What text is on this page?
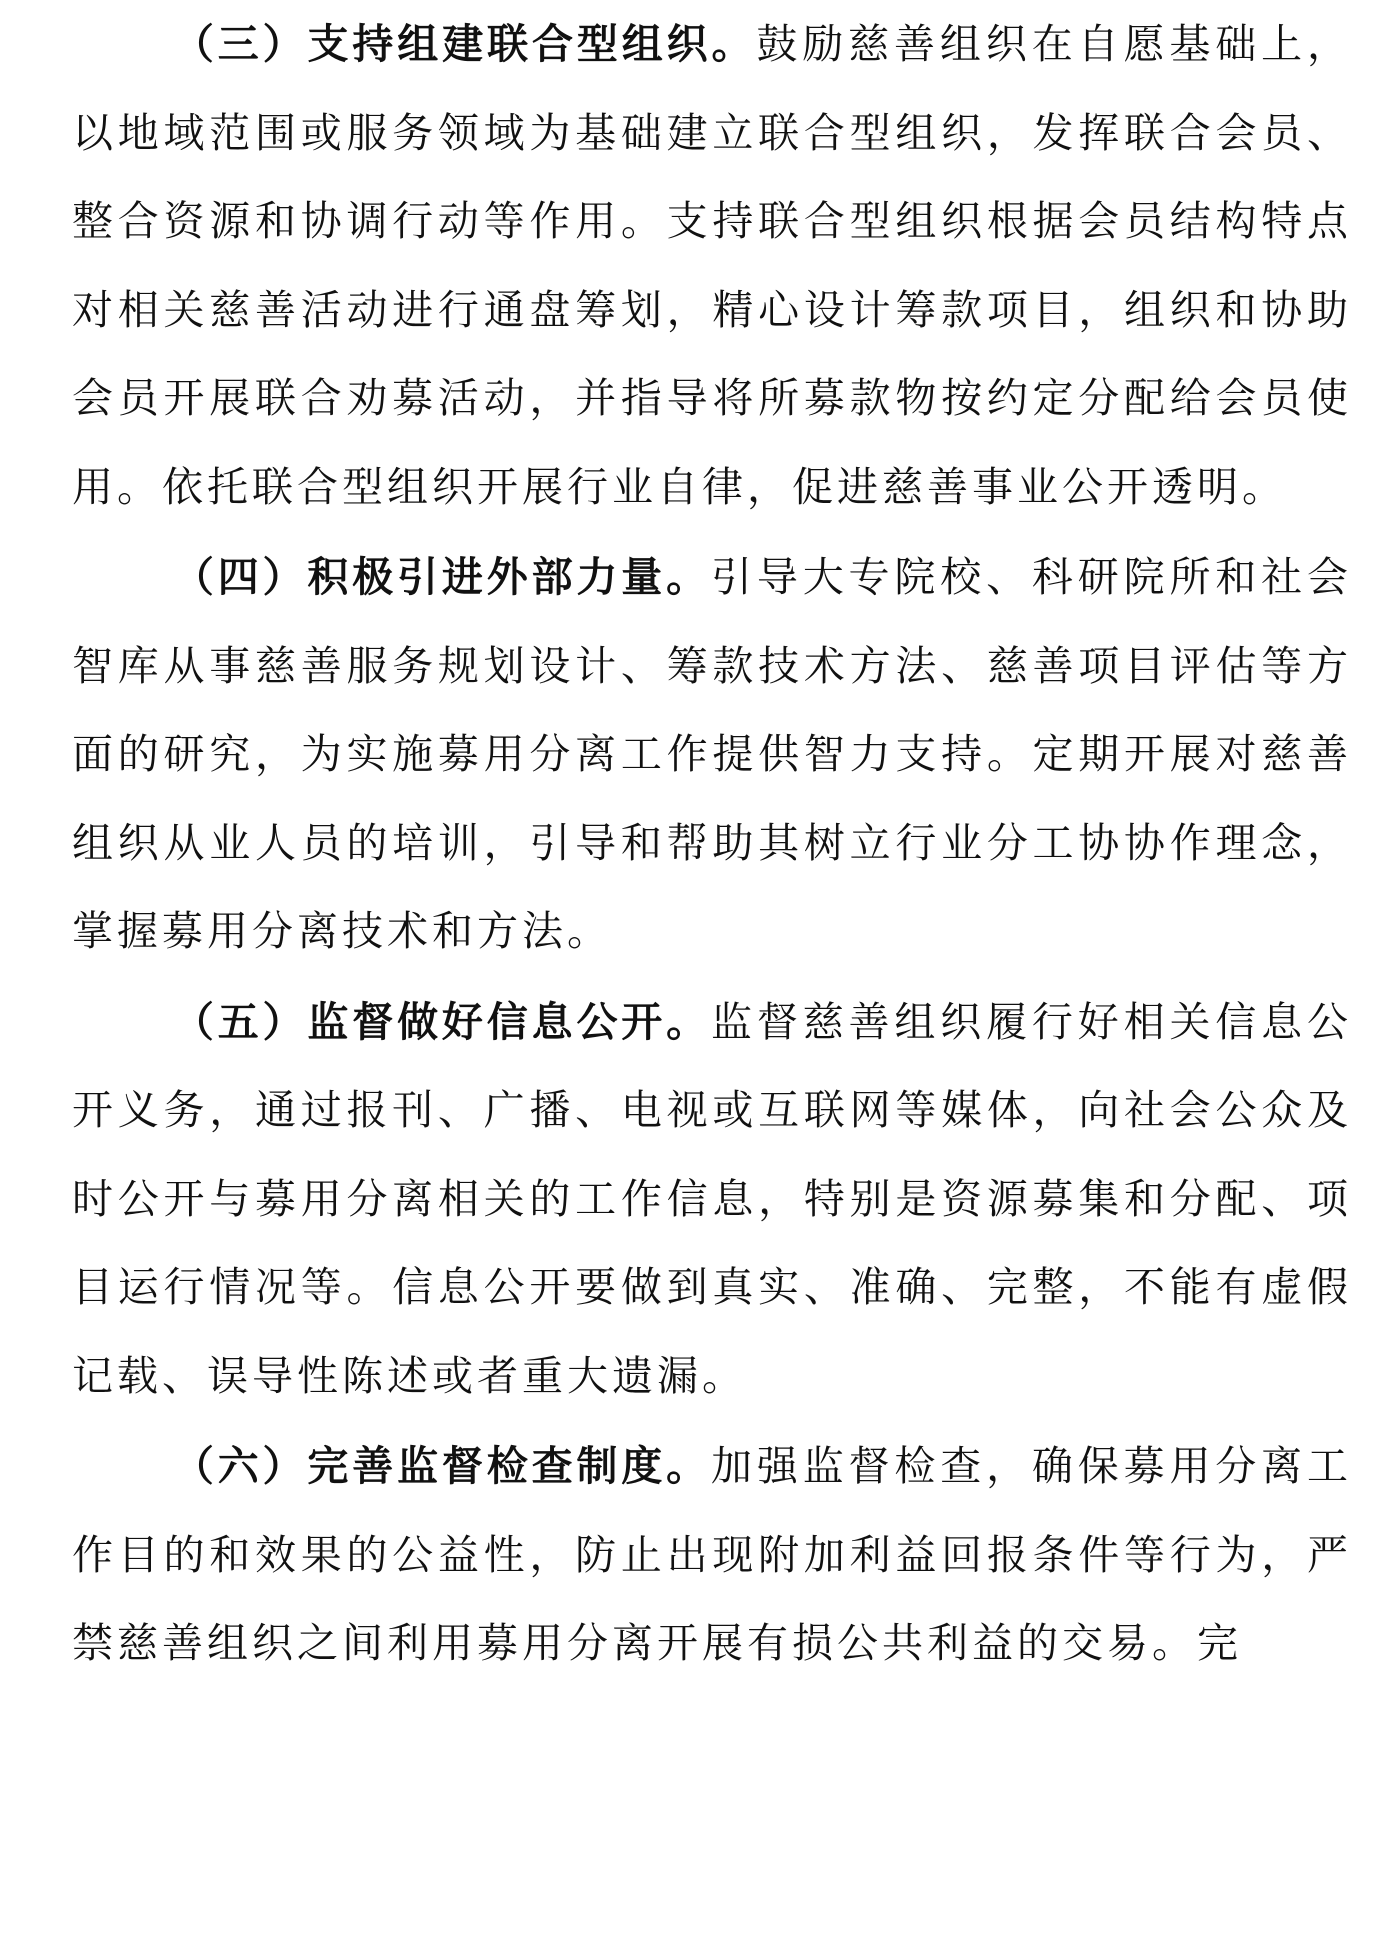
（三）支持组建联合型组织。鼓励慈善组织在自愿基础上，以地域范围或服务领域为基础建立联合型组织，发挥联合会员、整合资源和协调行动等作用。支持联合型组织根据会员结构特点对相关慈善活动进行通盘筹划，精心设计筹款项目，组织和协助会员开展联合劝募活动，并指导将所募款物按约定分配给会员使用。依托联合型组织开展行业自律，促进慈善事业公开透明。

（四）积极引进外部力量。引导大专院校、科研院所和社会智库从事慈善服务规划设计、筹款技术方法、慈善项目评估等方面的研究，为实施募用分离工作提供智力支持。定期开展对慈善组织从业人员的培训，引导和帮助其树立行业分工协协作理念，掌握募用分离技术和方法。

（五）监督做好信息公开。监督慈善组织履行好相关信息公开义务，通过报刊、广播、电视或互联网等媒体，向社会公众及时公开与募用分离相关的工作信息，特别是资源募集和分配、项目运行情况等。信息公开要做到真实、准确、完整，不能有虚假记载、误导性陈述或者重大遗漏。

（六）完善监督检查制度。加强监督检查，确保募用分离工作目的和效果的公益性，防止出现附加利益回报条件等行为，严禁慈善组织之间利用募用分离开展有损公共利益的交易。完
